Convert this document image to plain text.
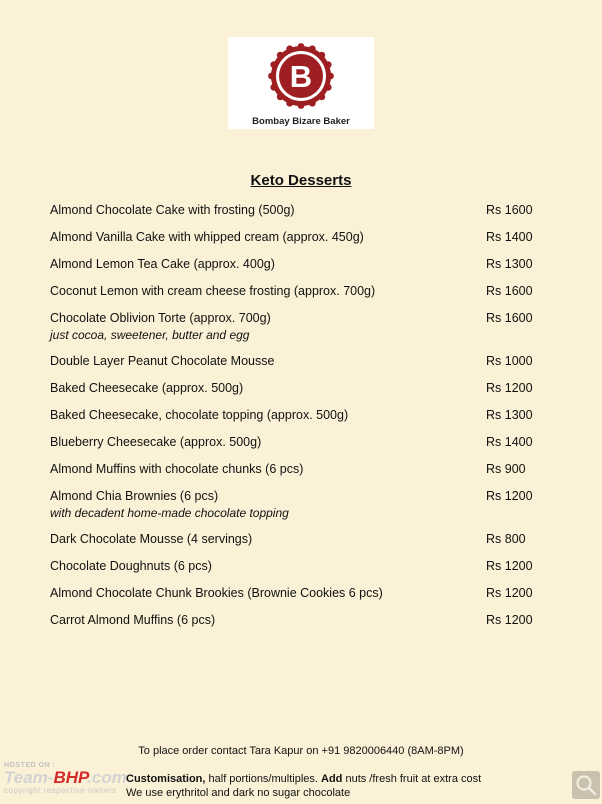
B
Bombay Bizare Baker
Keto Desserts
Almond Chocolate Cake with frosting (500g)	Rs 1600
Almond Vanilla Cake with whipped cream (approx. 450g)	Rs 1400
Almond Lemon Tea Cake (approx. 400g)	Rs 1300
Coconut Lemon with cream cheese frosting (approx. 700g)	Rs 1600
Chocolate Oblivion Torte (approx. 700g)	Rs 1600
just cocoa, sweetener, butter and egg
Double Layer Peanut Chocolate Mousse	Rs 1000
Baked Cheesecake (approx. 500g)	Rs 1200
Baked Cheesecake, chocolate topping (approx. 500g)	Rs 1300
Blueberry Cheesecake (approx. 500g)	Rs 1400
Almond Muffins with chocolate chunks (6 pcs)	Rs 900
Almond Chia Brownies (6 pcs)	Rs 1200
with decadent home-made chocolate topping
Dark Chocolate Mousse (4 servings)	Rs 800
Chocolate Doughnuts (6 pcs)	Rs 1200
Almond Chocolate Chunk Brookies (Brownie Cookies 6 pcs)	Rs 1200
Carrot Almond Muffins (6 pcs)	Rs 1200
To place order contact Tara Kapur on +91 9820006440 (8AM-8PM)
Customisation, half portions/multiples. Add nuts /fresh fruit at extra cost
We use erythritol and dark no sugar chocolate
HOSTED ON :
Team-BHP.com
copyright respective owners
